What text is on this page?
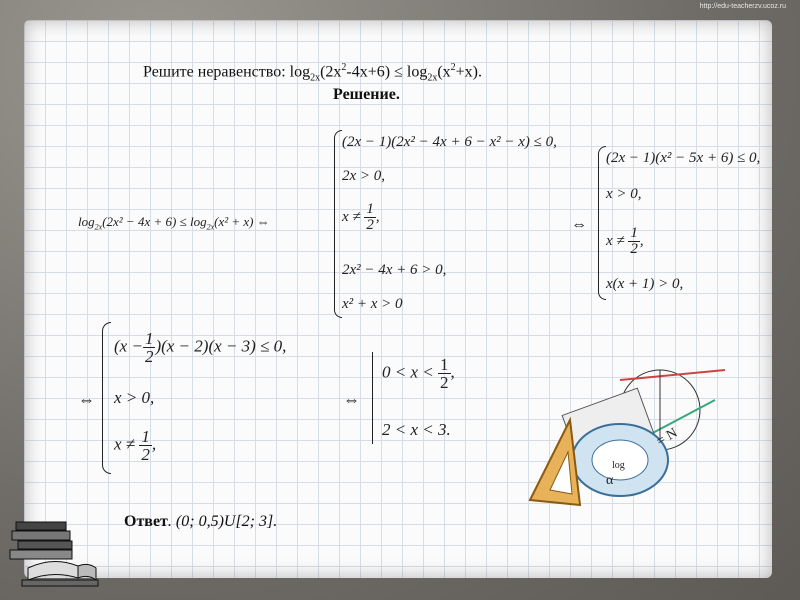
http://edu-teacherzv.ucoz.ru
Решите неравенство: $\log_{2x}(2x^2-4x+6) \le \log_{2x}(x^2+x)$.
Решение.
$\log_{2x}(2x^2 - 4x + 6) \le \log_{2x}(x^2 + x)$ ⇔
(2x − 1)(2x² − 4x + 6 − x² − x) ≤ 0,
2x > 0,
$x \ne \frac{1}{2}$ ,
2x² − 4x + 6 > 0,
x² + x > 0
⇔
(2x − 1)(x² − 5x + 6) ≤ 0,
x > 0,
$x \ne \frac{1}{2}$ ,
x(x + 1) > 0,
⇔
$(x - \frac{1}{2} )(x - 2)(x - 3) \le 0$,
x > 0,
$x \ne \frac{1}{2}$ ,
⇔
$0 < x < \frac{1}{2}$ ,
2 < x < 3.
Ответ. (0; 0,5)U[2; 3].
log
α
= N
